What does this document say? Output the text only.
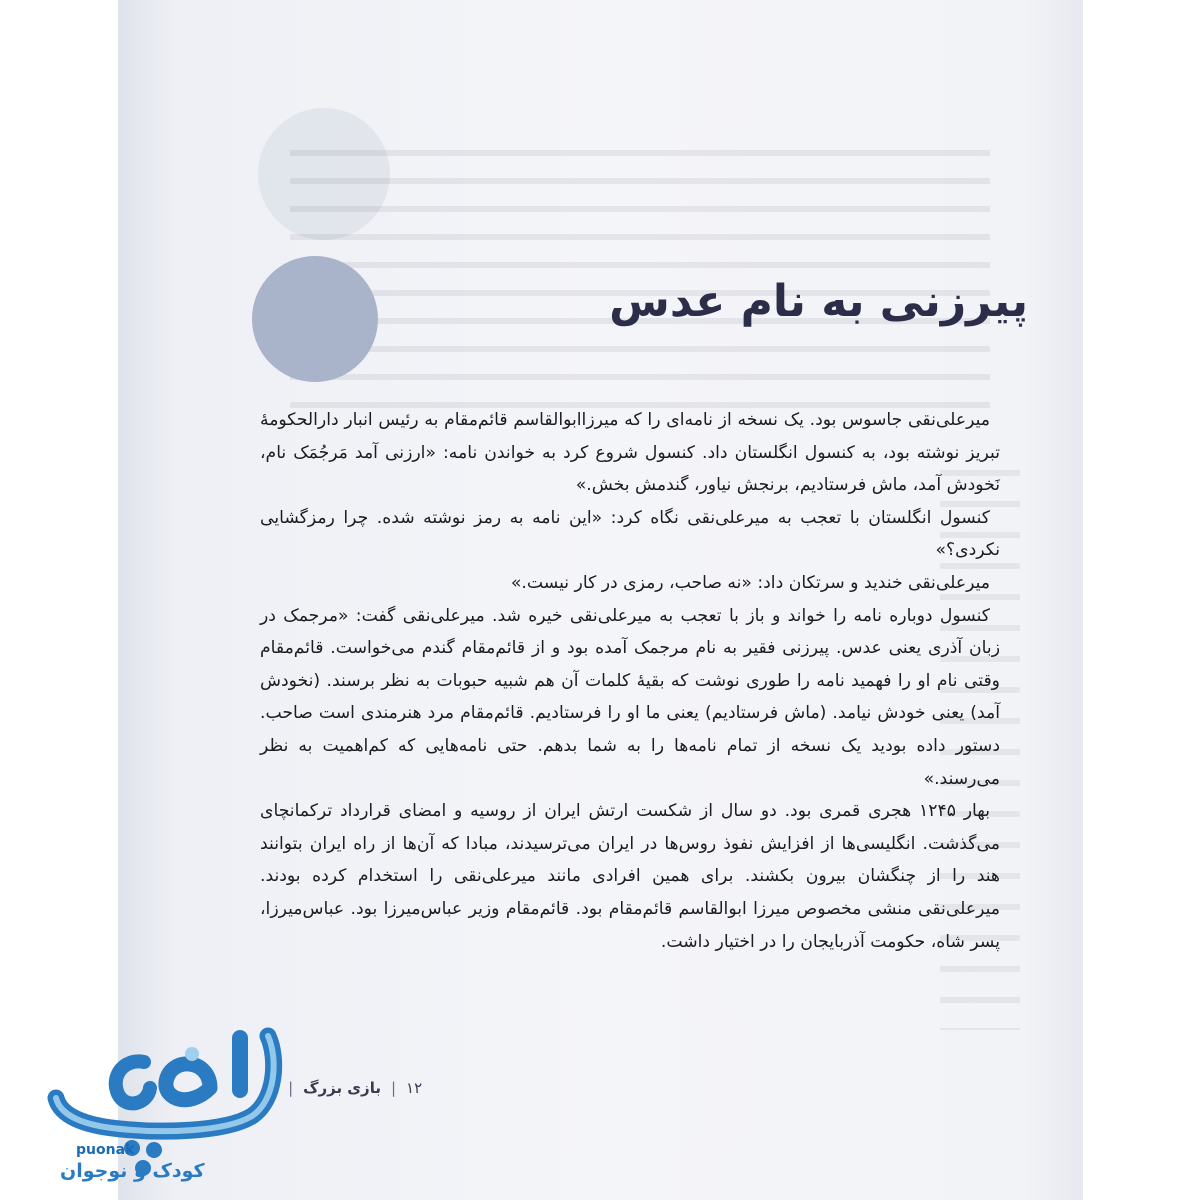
پیرزنی به نام عدس

میرعلی‌نقی جاسوس بود. یک نسخه از نامه‌ای را که میرزاابوالقاسم قائم‌مقام به رئیس انبار دارالحکومهٔ تبریز نوشته بود، به کنسول انگلستان داد. کنسول شروع کرد به خواندن نامه: «ارزنی آمد مَرجُمَک نام، نَخودش آمد، ماش فرستادیم، برنجش نیاور، گندمش بخش.»

کنسول انگلستان با تعجب به میرعلی‌نقی نگاه کرد: «این نامه به رمز نوشته شده. چرا رمزگشایی نکردی؟»

میرعلی‌نقی خندید و سرتکان داد: «نه صاحب، رمزی در کار نیست.»

کنسول دوباره نامه را خواند و باز با تعجب به میرعلی‌نقی خیره شد. میرعلی‌نقی گفت: «مرجمک در زبان آذری یعنی عدس. پیرزنی فقیر به نام مرجمک آمده بود و از قائم‌مقام گندم می‌خواست. قائم‌مقام وقتی نام او را فهمید نامه را طوری نوشت که بقیهٔ کلمات آن هم شبیه حبوبات به نظر برسند. (نخودش آمد) یعنی خودش نیامد. (ماش فرستادیم) یعنی ما او را فرستادیم. قائم‌مقام مرد هنرمندی است صاحب. دستور داده بودید یک نسخه از تمام نامه‌ها را به شما بدهم. حتی نامه‌هایی که کم‌اهمیت به نظر می‌رسند.»

بهار ۱۲۴۵ هجری قمری بود. دو سال از شکست ارتش ایران از روسیه و امضای قرارداد ترکمانچای می‌گذشت. انگلیسی‌ها از افزایش نفوذ روس‌ها در ایران می‌ترسیدند، مبادا که آن‌ها از راه ایران بتوانند هند را از چنگشان بیرون بکشند. برای همین افرادی مانند میرعلی‌نقی را استخدام کرده بودند. میرعلی‌نقی منشی مخصوص میرزا ابوالقاسم قائم‌مقام بود. قائم‌مقام وزیر عباس‌میرزا بود. عباس‌میرزا، پسر شاه، حکومت آذربایجان را در اختیار داشت.

۱۲
|
بازی بزرگ
|
۹

puonak

کودک و نوجوان
